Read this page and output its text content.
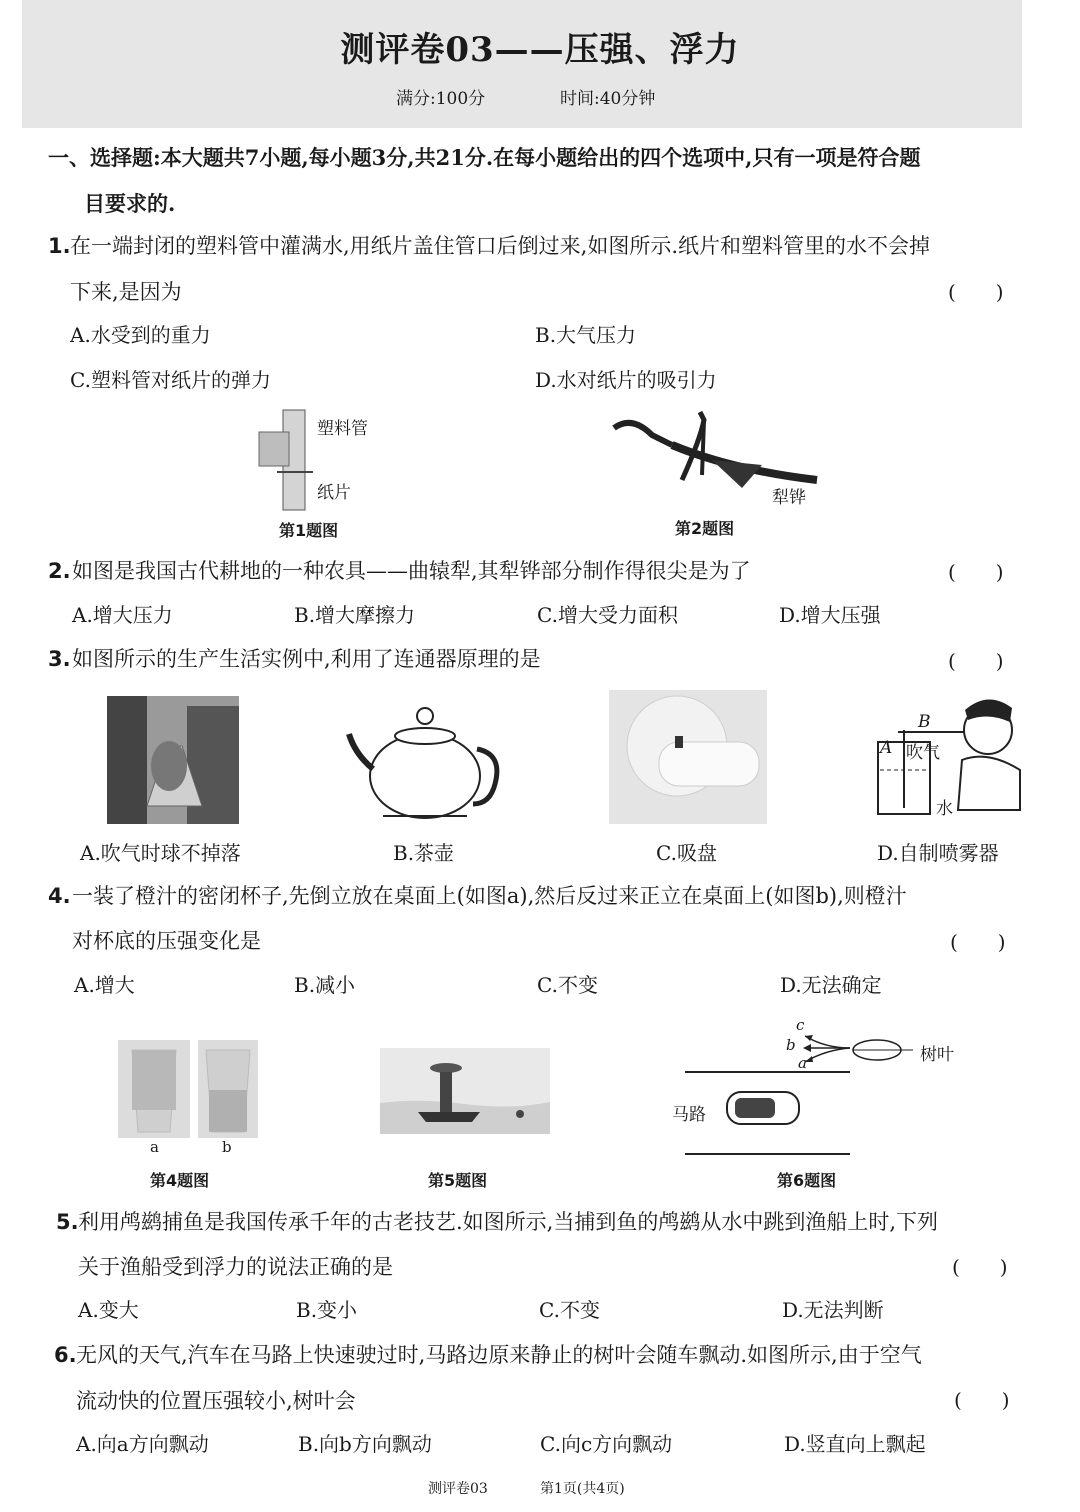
测评卷03——压强、浮力
满分:100分	时间:40分钟
一、选择题:本大题共7小题,每小题3分,共21分.在每小题给出的四个选项中,只有一项是符合题
目要求的.
1. 在一端封闭的塑料管中灌满水,用纸片盖住管口后倒过来,如图所示.纸片和塑料管里的水不会掉
下来,是因为	(　　)
A.水受到的重力	B.大气压力
C.塑料管对纸片的弹力	D.水对纸片的吸引力
塑料管
纸片
第1题图
犁铧
第2题图
2. 如图是我国古代耕地的一种农具——曲辕犁,其犁铧部分制作得很尖是为了	(　　)
A.增大压力	B.增大摩擦力	C.增大受力面积	D.增大压强
3. 如图所示的生产生活实例中,利用了连通器原理的是	(　　)
B
A 吹气
水
A.吹气时球不掉落	B.茶壶	C.吸盘	D.自制喷雾器
4. 一装了橙汁的密闭杯子,先倒立放在桌面上(如图a),然后反过来正立在桌面上(如图b),则橙汁
对杯底的压强变化是	(　　)
A.增大	B.减小	C.不变	D.无法确定
a	b
第4题图	第5题图
c
b
a	树叶
马路
第6题图
5. 利用鸬鹚捕鱼是我国传承千年的古老技艺.如图所示,当捕到鱼的鸬鹚从水中跳到渔船上时,下列
关于渔船受到浮力的说法正确的是	(　　)
A.变大	B.变小	C.不变	D.无法判断
6. 无风的天气,汽车在马路上快速驶过时,马路边原来静止的树叶会随车飘动.如图所示,由于空气
流动快的位置压强较小,树叶会	(　　)
A.向a方向飘动	B.向b方向飘动	C.向c方向飘动	D.竖直向上飘起
测评卷03	第1页(共4页)
